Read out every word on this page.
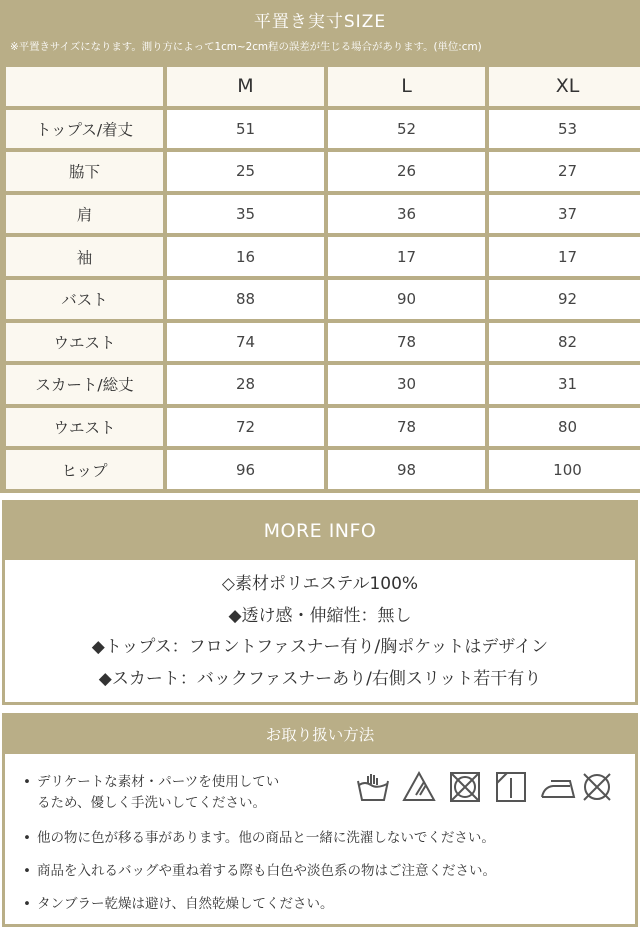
平置き実寸SIZE
※平置きサイズになります。測り方によって1cm~2cm程の誤差が生じる場合があります。(単位:cm)
	M	L	XL
トップス/着丈	51	52	53
脇下	25	26	27
肩	35	36	37
袖	16	17	17
バスト	88	90	92
ウエスト	74	78	82
スカート/総丈	28	30	31
ウエスト	72	78	80
ヒップ	96	98	100
MORE INFO
◇素材ポリエステル100%
◆透け感・伸縮性：無し
◆トップス：フロントファスナー有り/胸ポケットはデザイン
◆スカート：バックファスナーあり/右側スリット若干有り
お取り扱い方法
• デリケートな素材・パーツを使用してい
るため、優しく手洗いしてください。
• 他の物に色が移る事があります。他の商品と一緒に洗濯しないでください。
• 商品を入れるバッグや重ね着する際も白色や淡色系の物はご注意ください。
• タンブラー乾燥は避け、自然乾燥してください。
